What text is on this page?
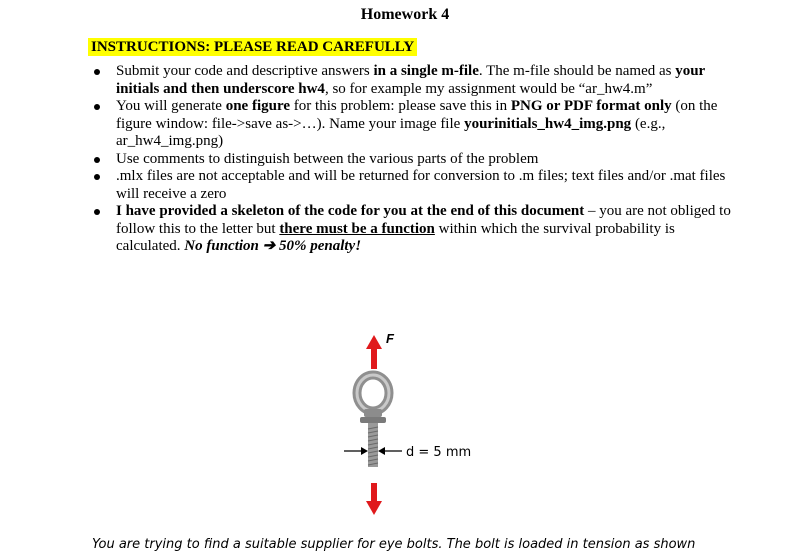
Homework 4
INSTRUCTIONS: PLEASE READ CAREFULLY
Submit your code and descriptive answers in a single m-file. The m-file should be named as your initials and then underscore hw4, so for example my assignment would be “ar_hw4.m”
You will generate one figure for this problem: please save this in PNG or PDF format only (on the figure window: file->save as->…). Name your image file yourinitials_hw4_img.png (e.g., ar_hw4_img.png)
Use comments to distinguish between the various parts of the problem
.mlx files are not acceptable and will be returned for conversion to .m files; text files and/or .mat files will receive a zero
I have provided a skeleton of the code for you at the end of this document – you are not obliged to follow this to the letter but there must be a function within which the survival probability is calculated. No function ➔ 50% penalty!
F
d = 5 mm
You are trying to find a suitable supplier for eye bolts. The bolt is loaded in tension as shown
